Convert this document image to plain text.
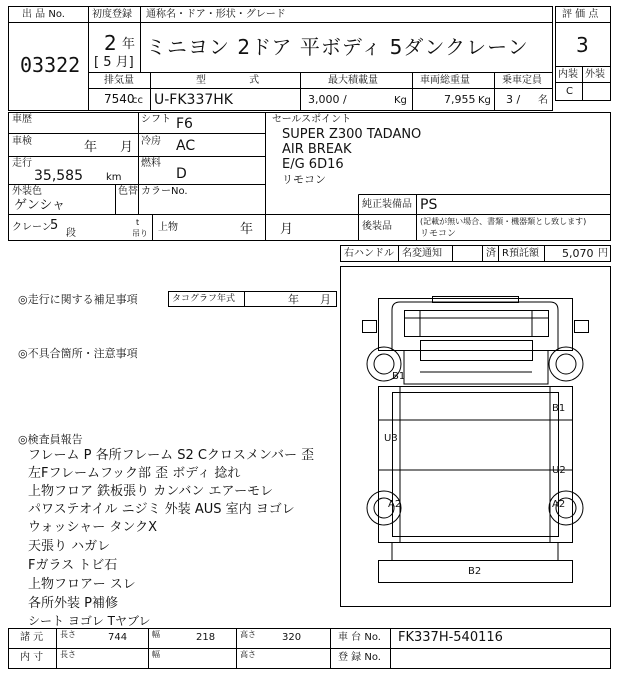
出 品 No.
03322
初度登録
2 年
[ 5 月]
通称名・ドア・形状・グレード
ミニヨン 2ドア 平ボディ 5ダンクレーン
評 価 点
3
内装 外装
C
排気量
7540
cc
型 式
U-FK337HK
最大積載量
3,000 /	Kg
車両総重量
7,955 Kg
乗車定員
3 / 名
車歴
車検	年 月
走行
35,585 km
シフト F6
冷房 AC
燃料
D
外装色
ゲンシャ
色替 カラーNo.
クレーン
5
段
t
吊り
上物	年 月
セールスポイント
SUPER Z300 TADANO
AIR BREAK
E/G 6D16
リモコン
純正装備品 PS
後装品	(記載が無い場合、書類・機器類とし致します)
リモコン
右ハンドル 名変通知	済 R預託額 5,070 円
◎走行に関する補足事項	タコグラフ年式	年 月
◎不具合箇所・注意事項
◎検査員報告
フレーム P 各所フレーム S2 Cクロスメンバー 歪
左Fフレームフック部 歪 ボディ 捻れ
上物フロア 鉄板張り カンバン エアーモレ
パワステオイル ニジミ 外装 AUS 室内 ヨゴレ
ウォッシャー タンクX
天張り ハガレ
Fガラス トビ石
上物フロアー スレ
各所外装 P補修
シート ヨゴレ Tヤブレ
B1
B1
U3
U2
A2	A2
B2
諸 元 長さ	744	幅	218	高さ	320
内 寸 長さ	幅	高さ
車 台 No. FK337H-540116
登 録 No.
